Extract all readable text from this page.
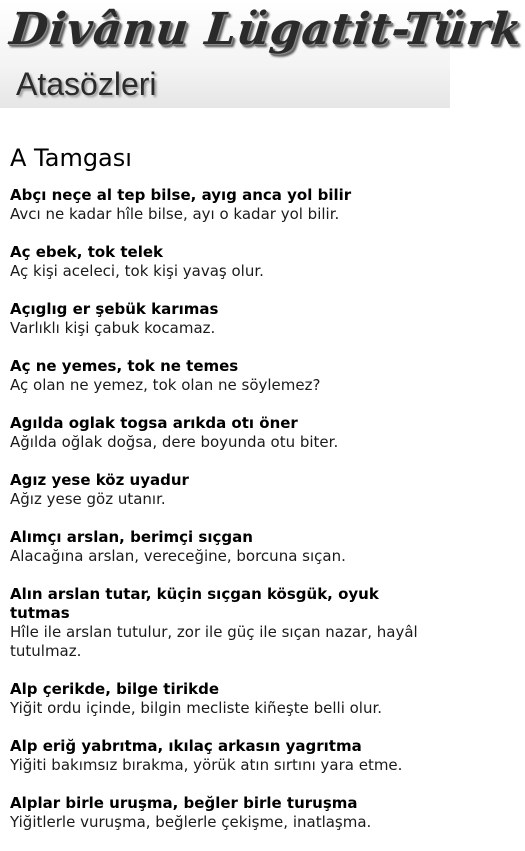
Divânu Lügatit-Türk
Atasözleri
A Tamgası
Abçı neçe al tep bilse, ayıg anca yol bilir
Avcı ne kadar hîle bilse, ayı o kadar yol bilir.
Aç ebek, tok telek
Aç kişi aceleci, tok kişi yavaş olur.
Açıglıg er şebük karımas
Varlıklı kişi çabuk kocamaz.
Aç ne yemes, tok ne temes
Aç olan ne yemez, tok olan ne söylemez?
Agılda oglak togsa arıkda otı öner
Ağılda oğlak doğsa, dere boyunda otu biter.
Agız yese köz uyadur
Ağız yese göz utanır.
Alımçı arslan, berimçi sıçgan
Alacağına arslan, vereceğine, borcuna sıçan.
Alın arslan tutar, küçin sıçgan kösgük, oyuk tutmas
Hîle ile arslan tutulur, zor ile güç ile sıçan nazar, hayâl tutulmaz.
Alp çerikde, bilge tirikde
Yiğit ordu içinde, bilgin mecliste kiñeşte belli olur.
Alp eriğ yabrıtma, ıkılaç arkasın yagrıtma
Yiğiti bakımsız bırakma, yörük atın sırtını yara etme.
Alplar birle uruşma, beğler birle turuşma
Yiğitlerle vuruşma, beğlerle çekişme, inatlaşma.
